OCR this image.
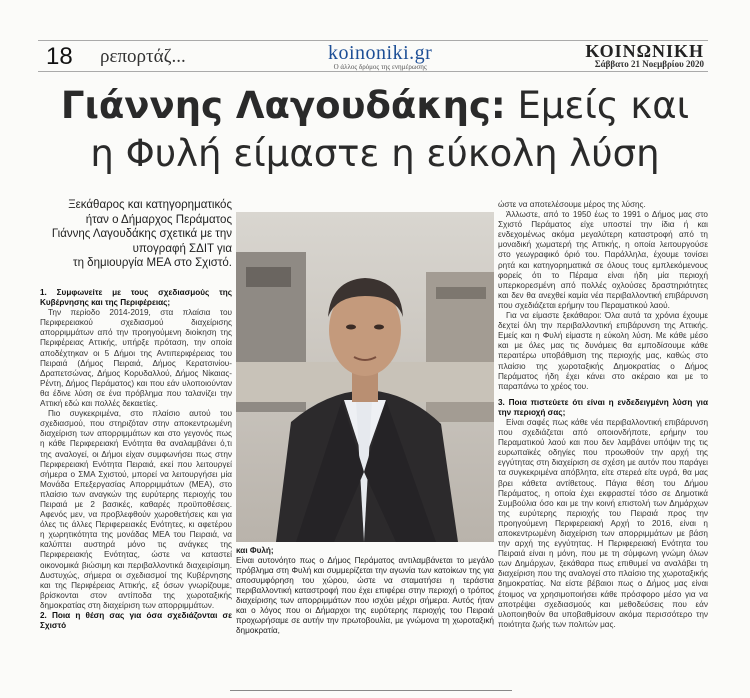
18 ρεπορτάζ...	koinoniki.gr
Ο άλλος δρόμος της ενημέρωσης
ΚΟΙΝΩΝΙΚΗ
Σάββατο 21 Νοεμβρίου 2020
Γιάννης Λαγουδάκης: Εμείς και
η Φυλή είμαστε η εύκολη λύση
Ξεκάθαρος και κατηγορηματικός
ήταν ο Δήμαρχος Περάματος
Γιάννης Λαγουδάκης σχετικά με την
υπογραφή ΣΔΙΤ για
τη δημιουργία ΜΕΑ στο Σχιστό.
1. Συμφωνείτε με τους σχεδιασμούς της Κυβέρνησης και της Περιφέρειας;
Την περίοδο 2014-2019, στα πλαίσια του Περιφερειακού σχεδιασμού διαχείρισης απορριμμάτων από την προηγούμενη διοίκηση της Περιφέρειας Αττικής, υπήρξε πρόταση, την οποία αποδέχτηκαν οι 5 Δήμοι της Αντιπεριφέρειας του Πειραιά (Δήμος Πειραιά, Δήμος Κερατσινίου-Δραπετσώνας, Δήμος Κορυδαλλού, Δήμος Νίκαιας-Ρέντη, Δήμος Περάματος) και που εάν υλοποιούνταν θα έδινε λύση σε ένα πρόβλημα που ταλανίζει την Αττική εδώ και πολλές δεκαετίες.
Πιο συγκεκριμένα, στο πλαίσιο αυτού του σχεδιασμού, που στηριζόταν στην αποκεντρωμένη διαχείριση των απορριμμάτων και στο γεγονός πως η κάθε Περιφερειακή Ενότητα θα αναλαμβάνει ό,τι της αναλογεί, οι Δήμοι είχαν συμφωνήσει πως στην Περιφερειακή Ενότητα Πειραιά, εκεί που λειτουργεί σήμερα ο ΣΜΑ Σχιστού, μπορεί να λειτουργήσει μία Μονάδα Επεξεργασίας Απορριμμάτων (ΜΕΑ), στο πλαίσιο των αναγκών της ευρύτερης περιοχής του Πειραιά με 2 βασικές, καθαρές προϋποθέσεις. Αφενός μεν, να προβλεφθούν χωροθετήσεις και για όλες τις άλλες Περιφερειακές Ενότητες, κι αφετέρου η χωρητικότητα της μονάδας ΜΕΑ του Πειραιά, να καλύπτει αυστηρά μόνο τις ανάγκες της Περιφερειακής Ενότητας, ώστε να καταστεί οικονομικά βιώσιμη και περιβαλλοντικά διαχειρίσιμη. Δυστυχώς, σήμερα οι σχεδιασμοί της Κυβέρνησης και της Περιφέρειας Αττικής, εξ όσων γνωρίζουμε, βρίσκονται στον αντίποδα της χωροταξικής δημοκρατίας στη διαχείριση των απορριμμάτων.
2. Ποια η θέση σας για όσα σχεδιάζονται σε Σχιστό
και Φυλή;
Είναι αυτονόητο πως ο Δήμος Περάματος αντιλαμβάνεται το μεγάλο πρόβλημα στη Φυλή και συμμερίζεται την αγωνία των κατοίκων της για αποσυμφόρηση του χώρου, ώστε να σταματήσει η τεράστια περιβαλλοντική καταστροφή που έχει επιφέρει στην περιοχή ο τρόπος διαχείρισης των απορριμμάτων που ισχύει μέχρι σήμερα. Αυτός ήταν και ο λόγος που οι Δήμαρχοι της ευρύτερης περιοχής του Πειραιά προχωρήσαμε σε αυτήν την πρωτοβουλία, με γνώμονα τη χωροταξική δημοκρατία,
ώστε να αποτελέσουμε μέρος της λύσης.
Άλλωστε, από το 1950 έως το 1991 ο Δήμος μας στο Σχιστό Περάματος είχε υποστεί την ίδια ή και ενδεχομένως ακόμα μεγαλύτερη καταστροφή από τη μοναδική χωματερή της Αττικής, η οποία λειτουργούσε στο γεωγραφικό όριό του. Παράλληλα, έχουμε τονίσει ρητά και κατηγορηματικά σε όλους τους εμπλεκόμενους φορείς ότι το Πέραμα είναι ήδη μία περιοχή υπερκορεσμένη από πολλές οχλούσες δραστηριότητες και δεν θα ανεχθεί καμία νέα περιβαλλοντική επιβάρυνση που σχεδιάζεται ερήμην του Περαματικού λαού.
Για να είμαστε ξεκάθαροι: Όλα αυτά τα χρόνια έχουμε δεχτεί όλη την περιβαλλοντική επιβάρυνση της Αττικής. Εμείς και η Φυλή είμαστε η εύκολη λύση. Με κάθε μέσο και με όλες μας τις δυνάμεις θα εμποδίσουμε κάθε περαιτέρω υποβάθμιση της περιοχής μας, καθώς στο πλαίσιο της χωροταξικής Δημοκρατίας ο Δήμος Περάματος ήδη έχει κάνει στο ακέραιο και με το παραπάνω το χρέος του.
3. Ποια πιστεύετε ότι είναι η ενδεδειγμένη λύση για την περιοχή σας;
Είναι σαφές πως κάθε νέα περιβαλλοντική επιβάρυνση που σχεδιάζεται από οποιονδήποτε, ερήμην του Περαματικού λαού και που δεν λαμβάνει υπόψιν της τις ευρωπαϊκές οδηγίες που προωθούν την αρχή της εγγύτητας στη διαχείριση σε σχέση με αυτόν που παράγει τα συγκεκριμένα απόβλητα, είτε στερεά είτε υγρά, θα μας βρει κάθετα αντίθετους. Πάγια θέση του Δήμου Περάματος, η οποία έχει εκφραστεί τόσο σε Δημοτικά Συμβούλια όσο και με την κοινή επιστολή των Δημάρχων της ευρύτερης περιοχής του Πειραιά προς την προηγούμενη Περιφερειακή Αρχή το 2016, είναι η αποκεντρωμένη διαχείριση των απορριμμάτων με βάση την αρχή της εγγύτητας. Η Περιφερειακή Ενότητα του Πειραιά είναι η μόνη, που με τη σύμφωνη γνώμη όλων των Δημάρχων, ξεκάθαρα πως επιθυμεί να αναλάβει τη διαχείριση που της αναλογεί στο πλαίσιο της χωροταξικής δημοκρατίας. Να είστε βέβαιοι πως ο Δήμος μας είναι έτοιμος να χρησιμοποιήσει κάθε πρόσφορο μέσο για να αποτρέψει σχεδιασμούς και μεθοδεύσεις που εάν υλοποιηθούν θα υποβαθμίσουν ακόμα περισσότερο την ποιότητα ζωής των πολιτών μας.
